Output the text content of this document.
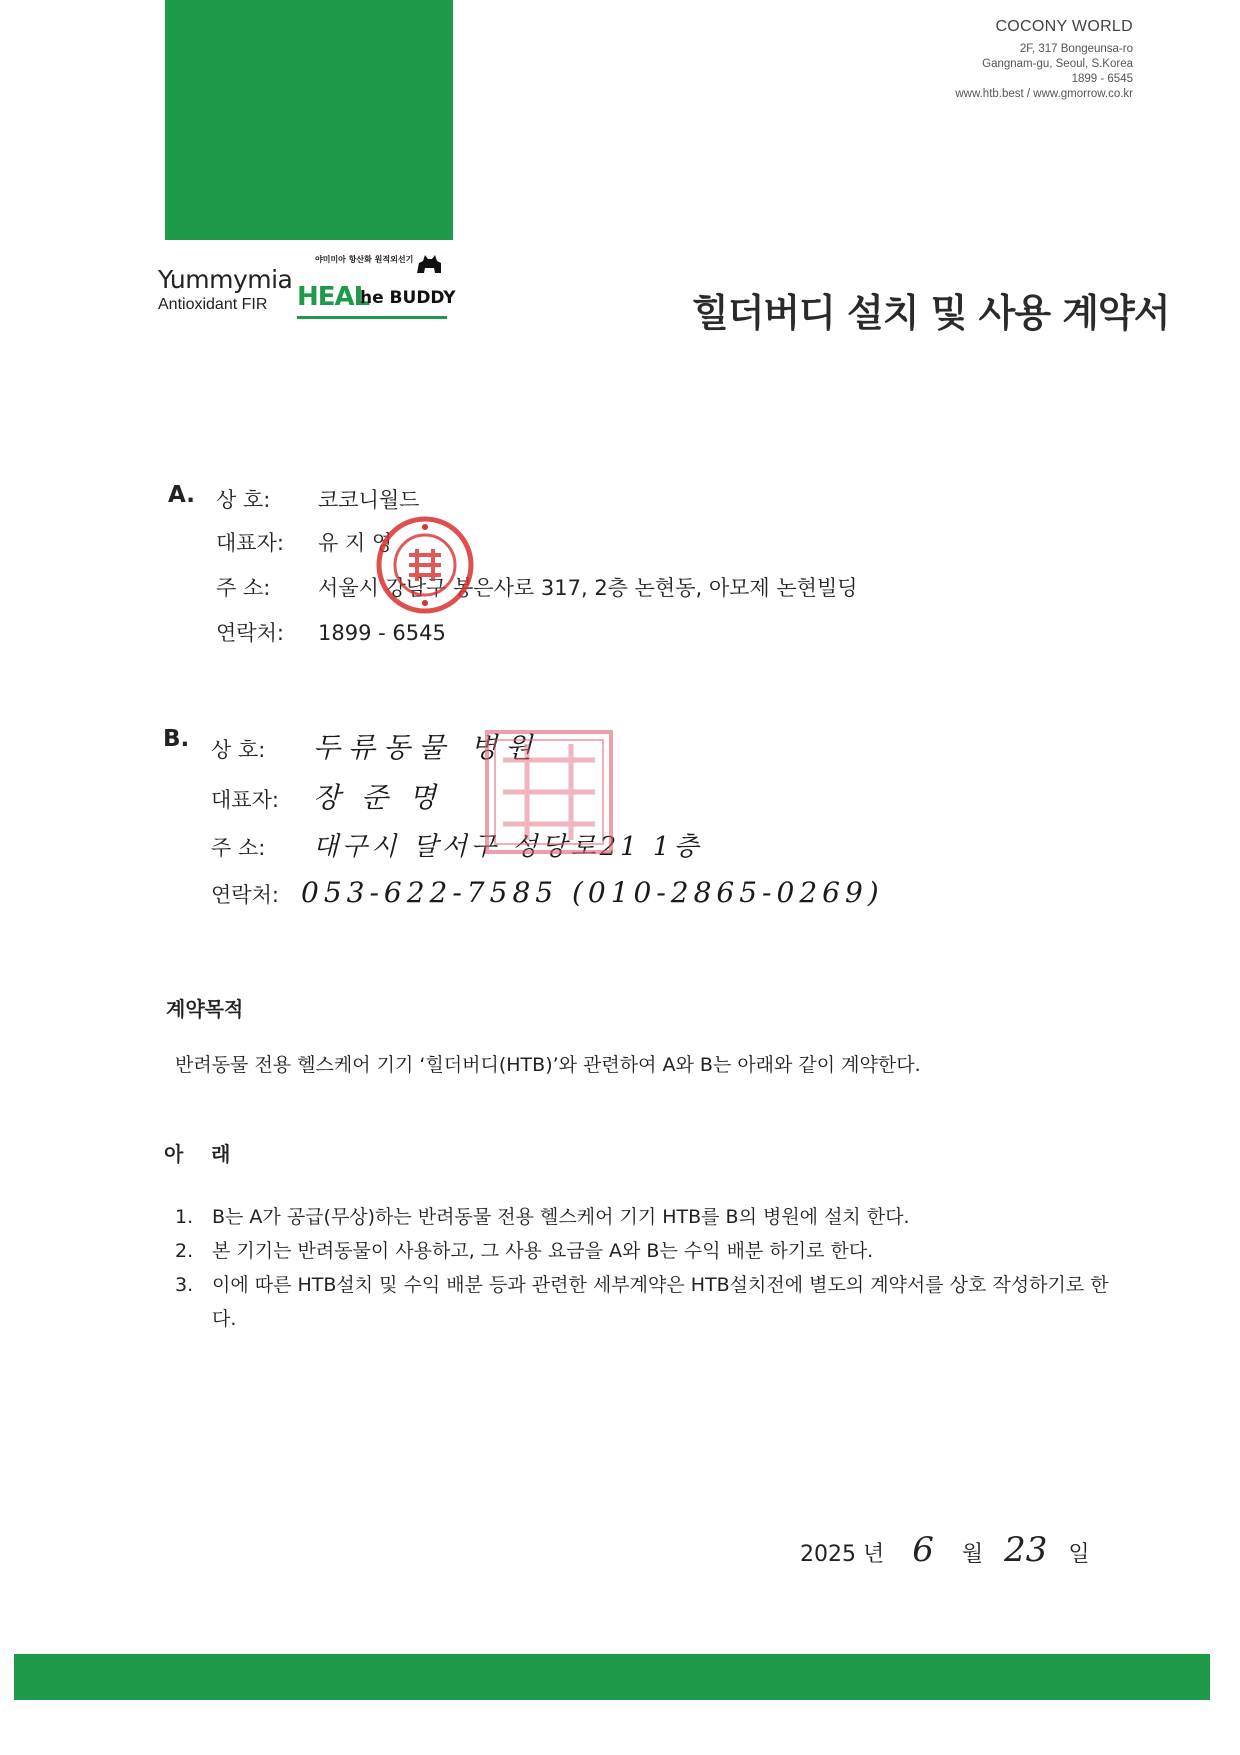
COCONY WORLD
2F, 317 Bongeunsa-ro
Gangnam-gu, Seoul, S.Korea
1899 - 6545
www.htb.best / www.gmorrow.co.kr
Yummymia
Antioxidant FIR
야미미아 항산화 원적외선기
HEAL
he BUDDY	힐더버디 설치 및 사용 계약서
A. 상 호: 코코니월드
대표자: 유 지 영
주 소: 서울시 강남구 봉은사로 317, 2층 논현동, 아모제 논현빌딩
연락처: 1899 - 6545
B. 상 호: 두류동물 병원
대표자: 장 준 명
주 소: 대구시 달서구 성당로21 1층
연락처: 053-622-7585 (010-2865-0269)
계약목적
반려동물 전용 헬스케어 기기 ‘힐더버디(HTB)’와 관련하여 A와 B는 아래와 같이 계약한다.
아    래
1. B는 A가 공급(무상)하는 반려동물 전용 헬스케어 기기 HTB를 B의 병원에 설치 한다.
2. 본 기기는 반려동물이 사용하고, 그 사용 요금을 A와 B는 수익 배분 하기로 한다.
3. 이에 따른 HTB설치 및 수익 배분 등과 관련한 세부계약은 HTB설치전에 별도의 계약서를 상호 작성하기로 한다.
2025 년 6 월 23 일
